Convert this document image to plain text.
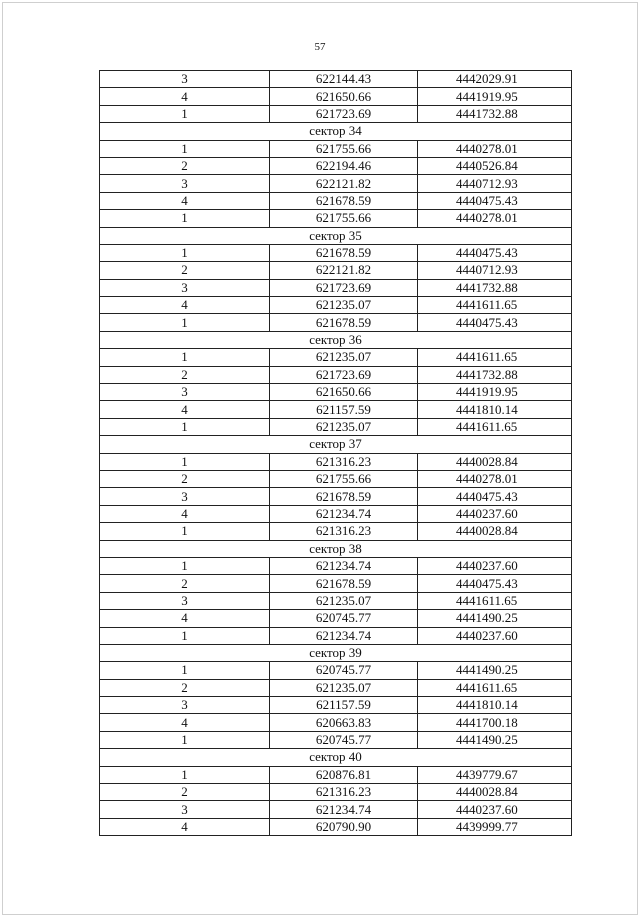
57
3	622144.43	4442029.91
4	621650.66	4441919.95
1	621723.69	4441732.88
сектор 34		
1	621755.66	4440278.01
2	622194.46	4440526.84
3	622121.82	4440712.93
4	621678.59	4440475.43
1	621755.66	4440278.01
сектор 35		
1	621678.59	4440475.43
2	622121.82	4440712.93
3	621723.69	4441732.88
4	621235.07	4441611.65
1	621678.59	4440475.43
сектор 36		
1	621235.07	4441611.65
2	621723.69	4441732.88
3	621650.66	4441919.95
4	621157.59	4441810.14
1	621235.07	4441611.65
сектор 37		
1	621316.23	4440028.84
2	621755.66	4440278.01
3	621678.59	4440475.43
4	621234.74	4440237.60
1	621316.23	4440028.84
сектор 38		
1	621234.74	4440237.60
2	621678.59	4440475.43
3	621235.07	4441611.65
4	620745.77	4441490.25
1	621234.74	4440237.60
сектор 39		
1	620745.77	4441490.25
2	621235.07	4441611.65
3	621157.59	4441810.14
4	620663.83	4441700.18
1	620745.77	4441490.25
сектор 40		
1	620876.81	4439779.67
2	621316.23	4440028.84
3	621234.74	4440237.60
4	620790.90	4439999.77
